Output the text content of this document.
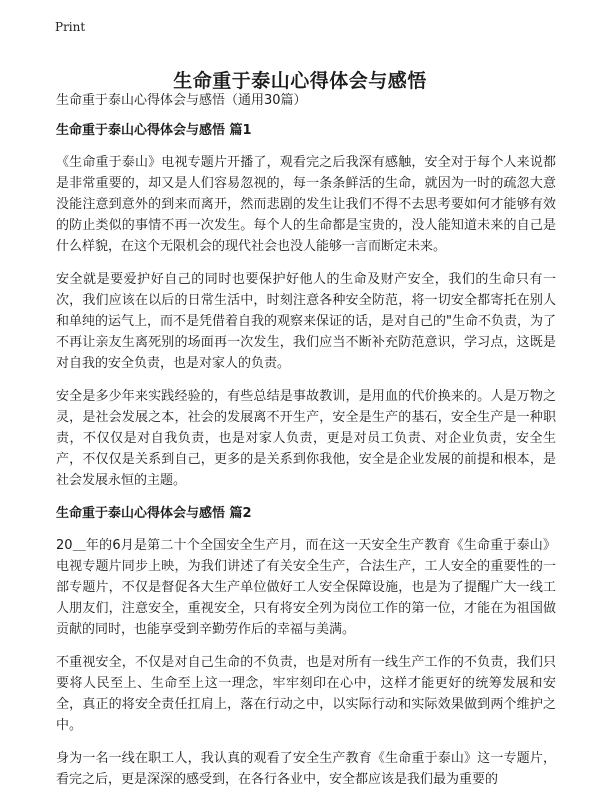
Print
生命重于泰山心得体会与感悟

生命重于泰山心得体会与感悟（通用30篇）

生命重于泰山心得体会与感悟 篇1

《生命重于泰山》电视专题片开播了，观看完之后我深有感触，安全对于每个人来说都是非常重要的，却又是人们容易忽视的，每一条条鲜活的生命，就因为一时的疏忽大意没能注意到意外的到来而离开，然而悲剧的发生让我们不得不去思考要如何才能够有效的防止类似的事情不再一次发生。每个人的生命都是宝贵的，没人能知道未来的自己是什么样貌，在这个无限机会的现代社会也没人能够一言而断定未来。

安全就是要爱护好自己的同时也要保护好他人的生命及财产安全，我们的生命只有一次，我们应该在以后的日常生活中，时刻注意各种安全防范，将一切安全都寄托在别人和单纯的运气上，而不是凭借着自我的观察来保证的话，是对自己的"生命不负责，为了不再让亲友生离死别的场面再一次发生，我们应当不断补充防范意识，学习点，这既是对自我的安全负责，也是对家人的负责。

安全是多少年来实践经验的，有些总结是事故教训，是用血的代价换来的。人是万物之灵，是社会发展之本，社会的发展离不开生产，安全是生产的基石，安全生产是一种职责，不仅仅是对自我负责，也是对家人负责，更是对员工负责、对企业负责，安全生产，不仅仅是关系到自己，更多的是关系到你我他，安全是企业发展的前提和根本，是社会发展永恒的主题。

生命重于泰山心得体会与感悟 篇2

20＿年的6月是第二十个全国安全生产月，而在这一天安全生产教育《生命重于泰山》电视专题片同步上映，为我们讲述了有关安全生产，合法生产，工人安全的重要性的一部专题片，不仅是督促各大生产单位做好工人安全保障设施，也是为了提醒广大一线工人朋友们，注意安全，重视安全，只有将安全列为岗位工作的第一位，才能在为祖国做贡献的同时，也能享受到辛勤劳作后的幸福与美满。

不重视安全，不仅是对自己生命的不负责，也是对所有一线生产工作的不负责，我们只要将人民至上、生命至上这一理念，牢牢刻印在心中，这样才能更好的统筹发展和安全，真正的将安全责任扛肩上，落在行动之中，以实际行动和实际效果做到两个维护之中。

身为一名一线在职工人，我认真的观看了安全生产教育《生命重于泰山》这一专题片，看完之后，更是深深的感受到，在各行各业中，安全都应该是我们最为重要的
